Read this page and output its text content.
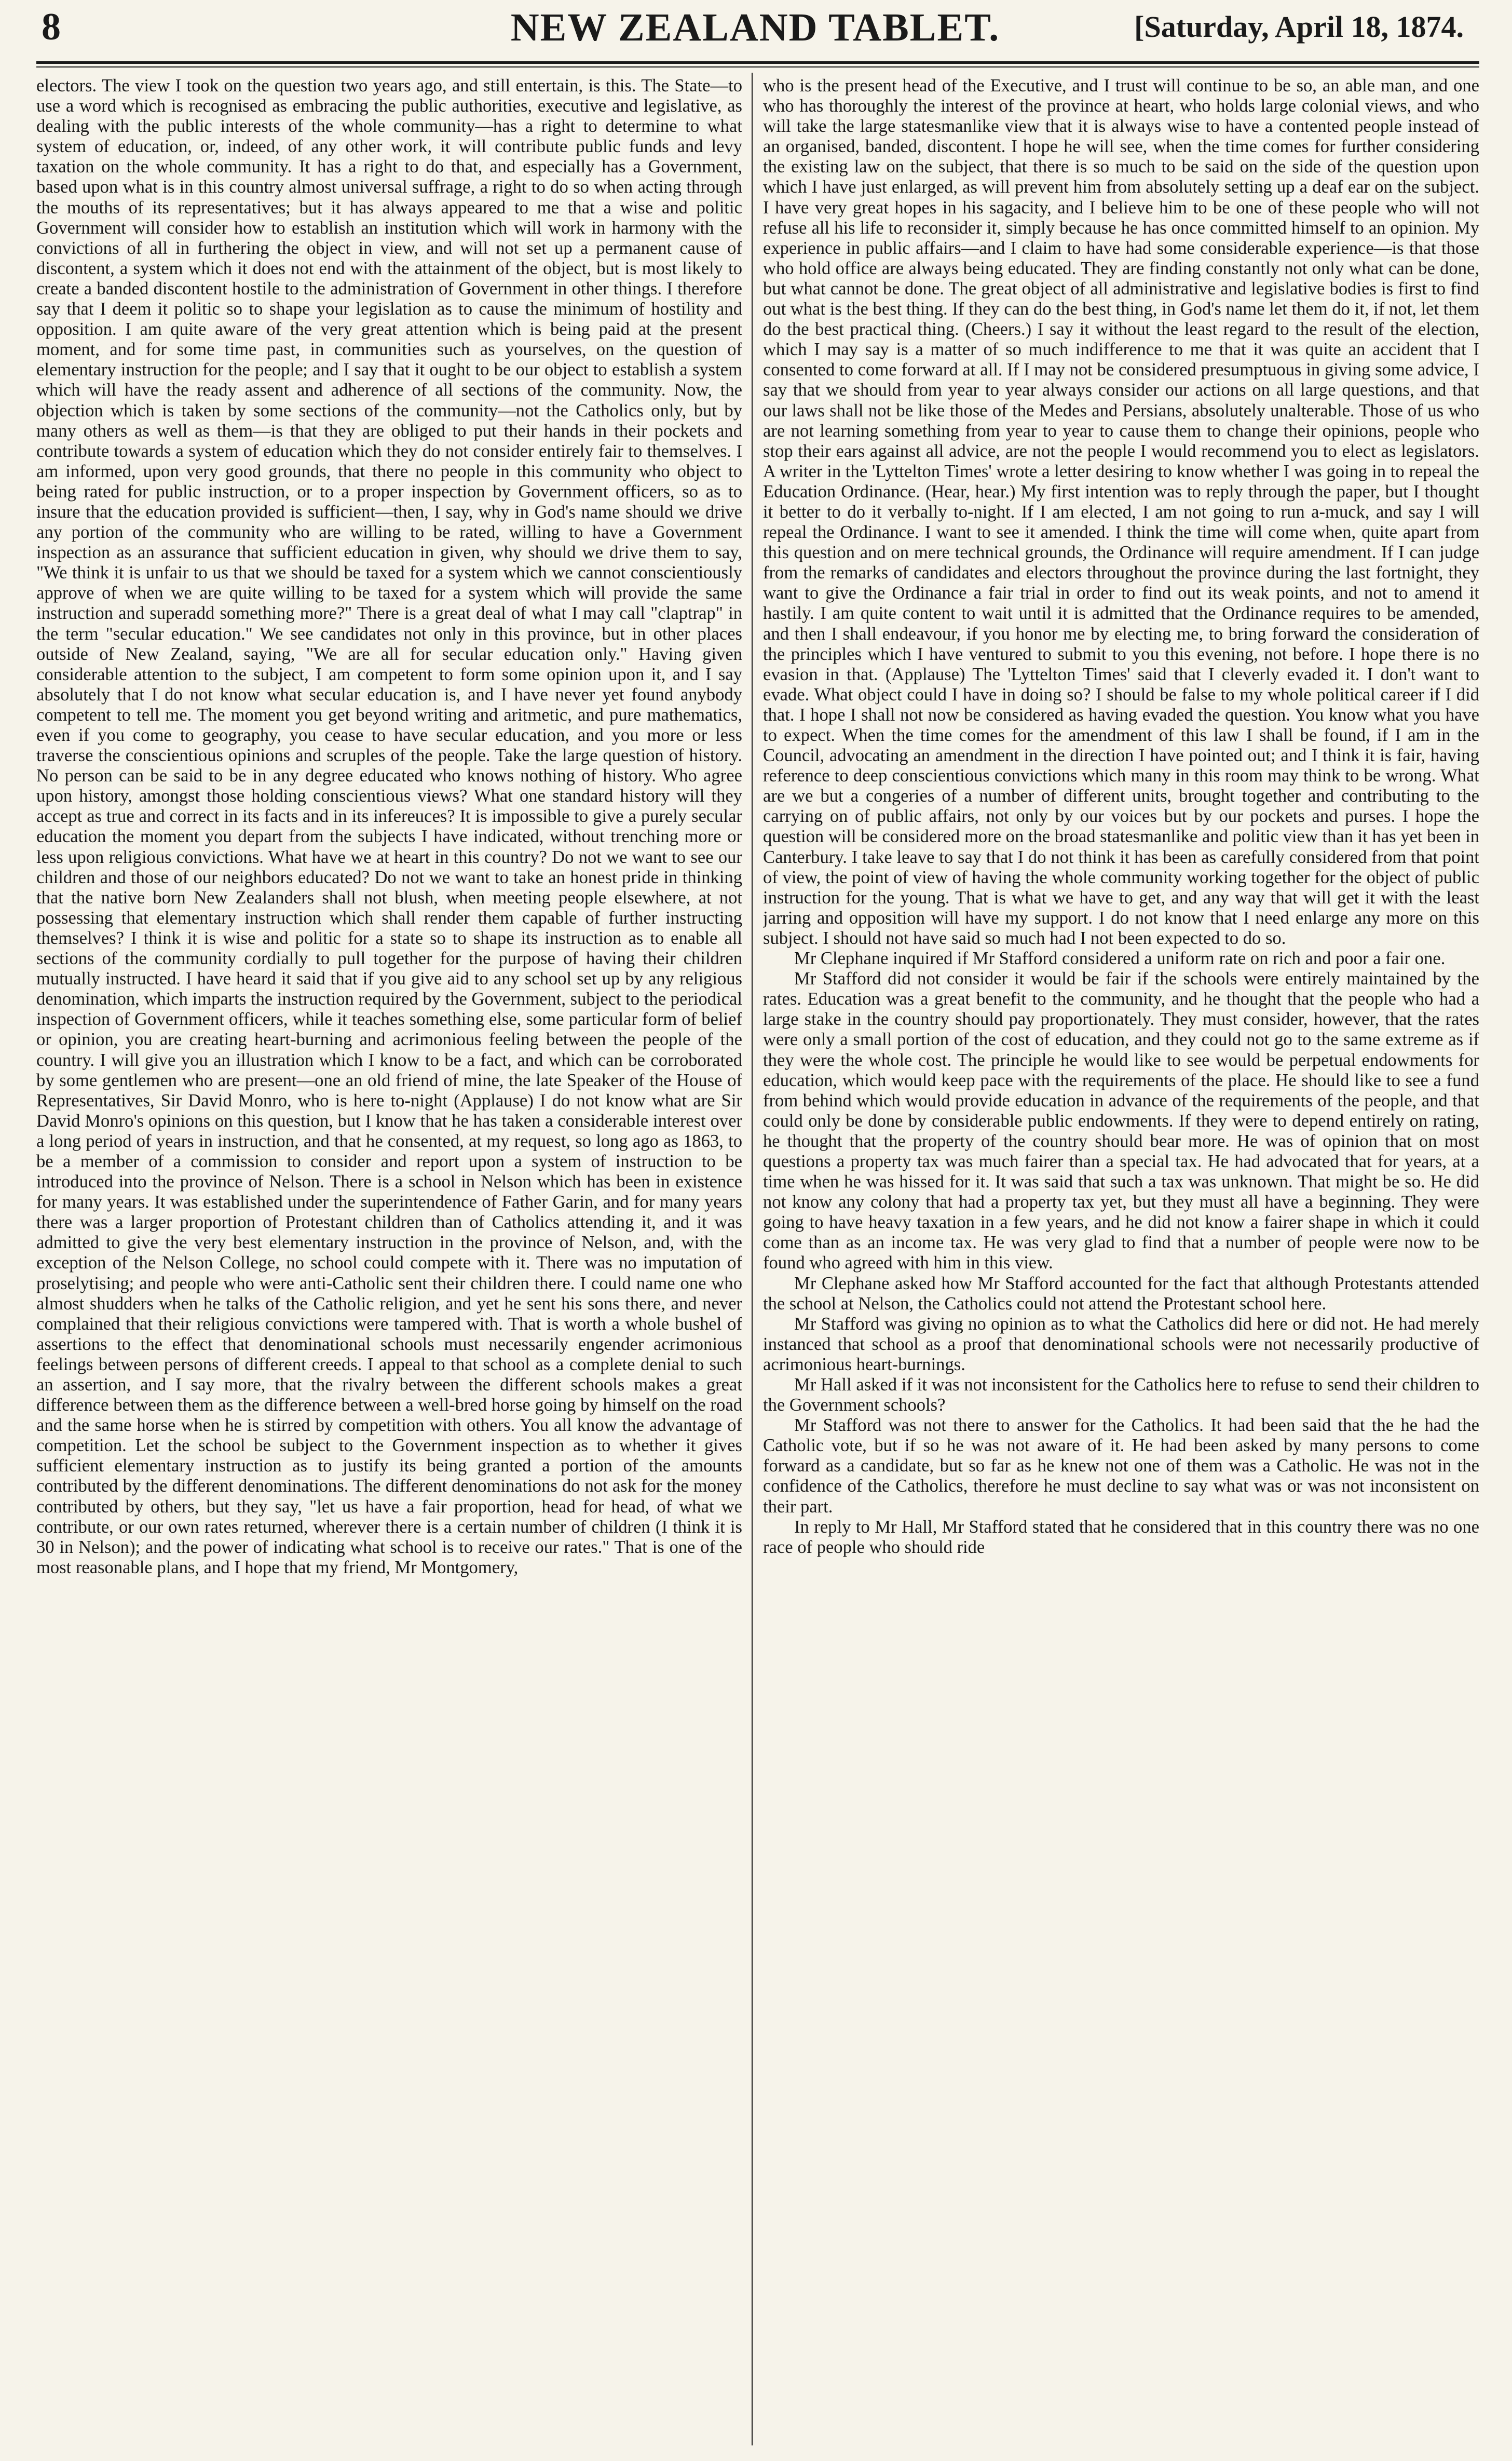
8	NEW ZEALAND TABLET.	[Saturday, April 18, 1874.

electors. The view I took on the question two years ago, and still entertain, is this. The State—to use a word which is recognised as embracing the public authorities, executive and legislative, as dealing with the public interests of the whole community—has a right to determine to what system of education, or, indeed, of any other work, it will contribute public funds and levy taxation on the whole community. It has a right to do that, and especially has a Government, based upon what is in this country almost universal suffrage, a right to do so when acting through the mouths of its representatives; but it has always appeared to me that a wise and politic Government will consider how to establish an institution which will work in harmony with the convictions of all in furthering the object in view, and will not set up a permanent cause of discontent, a system which it does not end with the attainment of the object, but is most likely to create a banded discontent hostile to the administration of Government in other things. I therefore say that I deem it politic so to shape your legislation as to cause the minimum of hostility and opposition. I am quite aware of the very great attention which is being paid at the present moment, and for some time past, in communities such as yourselves, on the question of elementary instruction for the people; and I say that it ought to be our object to establish a system which will have the ready assent and adherence of all sections of the community. Now, the objection which is taken by some sections of the community—not the Catholics only, but by many others as well as them—is that they are obliged to put their hands in their pockets and contribute towards a system of education which they do not consider entirely fair to themselves. I am informed, upon very good grounds, that there no people in this community who object to being rated for public instruction, or to a proper inspection by Government officers, so as to insure that the education provided is sufficient—then, I say, why in God's name should we drive any portion of the community who are willing to be rated, willing to have a Government inspection as an assurance that sufficient education in given, why should we drive them to say, "We think it is unfair to us that we should be taxed for a system which we cannot conscientiously approve of when we are quite willing to be taxed for a system which will provide the same instruction and superadd something more?" There is a great deal of what I may call "claptrap" in the term "secular education." We see candidates not only in this province, but in other places outside of New Zealand, saying, "We are all for secular education only." Having given considerable attention to the subject, I am competent to form some opinion upon it, and I say absolutely that I do not know what secular education is, and I have never yet found anybody competent to tell me. The moment you get beyond writing and aritmetic, and pure mathematics, even if you come to geography, you cease to have secular education, and you more or less traverse the conscientious opinions and scruples of the people. Take the large question of history. No person can be said to be in any degree educated who knows nothing of history. Who agree upon history, amongst those holding conscientious views? What one standard history will they accept as true and correct in its facts and in its infereuces? It is impossible to give a purely secular education the moment you depart from the subjects I have indicated, without trenching more or less upon religious convictions. What have we at heart in this country? Do not we want to see our children and those of our neighbors educated? Do not we want to take an honest pride in thinking that the native born New Zealanders shall not blush, when meeting people elsewhere, at not possessing that elementary instruction which shall render them capable of further instructing themselves? I think it is wise and politic for a state so to shape its instruction as to enable all sections of the community cordially to pull together for the purpose of having their children mutually instructed. I have heard it said that if you give aid to any school set up by any religious denomination, which imparts the instruction required by the Government, subject to the periodical inspection of Government officers, while it teaches something else, some particular form of belief or opinion, you are creating heart-burning and acrimonious feeling between the people of the country. I will give you an illustration which I know to be a fact, and which can be corroborated by some gentlemen who are present—one an old friend of mine, the late Speaker of the House of Representatives, Sir David Monro, who is here to-night (Applause) I do not know what are Sir David Monro's opinions on this question, but I know that he has taken a considerable interest over a long period of years in instruction, and that he consented, at my request, so long ago as 1863, to be a member of a commission to consider and report upon a system of instruction to be introduced into the province of Nelson. There is a school in Nelson which has been in existence for many years. It was established under the superintendence of Father Garin, and for many years there was a larger proportion of Protestant children than of Catholics attending it, and it was admitted to give the very best elementary instruction in the province of Nelson, and, with the exception of the Nelson College, no school could compete with it. There was no imputation of proselytising; and people who were anti-Catholic sent their children there. I could name one who almost shudders when he talks of the Catholic religion, and yet he sent his sons there, and never complained that their religious convictions were tampered with. That is worth a whole bushel of assertions to the effect that denominational schools must necessarily engender acrimonious feelings between persons of different creeds. I appeal to that school as a complete denial to such an assertion, and I say more, that the rivalry between the different schools makes a great difference between them as the difference between a well-bred horse going by himself on the road and the same horse when he is stirred by competition with others. You all know the advantage of competition. Let the school be subject to the Government inspection as to whether it gives sufficient elementary instruction as to justify its being granted a portion of the amounts contributed by the different denominations. The different denominations do not ask for the money contributed by others, but they say, "let us have a fair proportion, head for head, of what we contribute, or our own rates returned, wherever there is a certain number of children (I think it is 30 in Nelson); and the power of indicating what school is to receive our rates." That is one of the most reasonable plans, and I hope that my friend, Mr Montgomery,

who is the present head of the Executive, and I trust will continue to be so, an able man, and one who has thoroughly the interest of the province at heart, who holds large colonial views, and who will take the large statesmanlike view that it is always wise to have a contented people instead of an organised, banded, discontent. I hope he will see, when the time comes for further considering the existing law on the subject, that there is so much to be said on the side of the question upon which I have just enlarged, as will prevent him from absolutely setting up a deaf ear on the subject. I have very great hopes in his sagacity, and I believe him to be one of these people who will not refuse all his life to reconsider it, simply because he has once committed himself to an opinion. My experience in public affairs—and I claim to have had some considerable experience—is that those who hold office are always being educated. They are finding constantly not only what can be done, but what cannot be done. The great object of all administrative and legislative bodies is first to find out what is the best thing. If they can do the best thing, in God's name let them do it, if not, let them do the best practical thing. (Cheers.) I say it without the least regard to the result of the election, which I may say is a matter of so much indifference to me that it was quite an accident that I consented to come forward at all. If I may not be considered presumptuous in giving some advice, I say that we should from year to year always consider our actions on all large questions, and that our laws shall not be like those of the Medes and Persians, absolutely unalterable. Those of us who are not learning something from year to year to cause them to change their opinions, people who stop their ears against all advice, are not the people I would recommend you to elect as legislators. A writer in the 'Lyttelton Times' wrote a letter desiring to know whether I was going in to repeal the Education Ordinance. (Hear, hear.) My first intention was to reply through the paper, but I thought it better to do it verbally to-night. If I am elected, I am not going to run a-muck, and say I will repeal the Ordinance. I want to see it amended. I think the time will come when, quite apart from this question and on mere technical grounds, the Ordinance will require amendment. If I can judge from the remarks of candidates and electors throughout the province during the last fortnight, they want to give the Ordinance a fair trial in order to find out its weak points, and not to amend it hastily. I am quite content to wait until it is admitted that the Ordinance requires to be amended, and then I shall endeavour, if you honor me by electing me, to bring forward the consideration of the principles which I have ventured to submit to you this evening, not before. I hope there is no evasion in that. (Applause) The 'Lyttelton Times' said that I cleverly evaded it. I don't want to evade. What object could I have in doing so? I should be false to my whole political career if I did that. I hope I shall not now be considered as having evaded the question. You know what you have to expect. When the time comes for the amendment of this law I shall be found, if I am in the Council, advocating an amendment in the direction I have pointed out; and I think it is fair, having reference to deep conscientious convictions which many in this room may think to be wrong. What are we but a congeries of a number of different units, brought together and contributing to the carrying on of public affairs, not only by our voices but by our pockets and purses. I hope the question will be considered more on the broad statesmanlike and politic view than it has yet been in Canterbury. I take leave to say that I do not think it has been as carefully considered from that point of view, the point of view of having the whole community working together for the object of public instruction for the young. That is what we have to get, and any way that will get it with the least jarring and opposition will have my support. I do not know that I need enlarge any more on this subject. I should not have said so much had I not been expected to do so.

Mr Clephane inquired if Mr Stafford considered a uniform rate on rich and poor a fair one.

Mr Stafford did not consider it would be fair if the schools were entirely maintained by the rates. Education was a great benefit to the community, and he thought that the people who had a large stake in the country should pay proportionately. They must consider, however, that the rates were only a small portion of the cost of education, and they could not go to the same extreme as if they were the whole cost. The principle he would like to see would be perpetual endowments for education, which would keep pace with the requirements of the place. He should like to see a fund from behind which would provide education in advance of the requirements of the people, and that could only be done by considerable public endowments. If they were to depend entirely on rating, he thought that the property of the country should bear more. He was of opinion that on most questions a property tax was much fairer than a special tax. He had advocated that for years, at a time when he was hissed for it. It was said that such a tax was unknown. That might be so. He did not know any colony that had a property tax yet, but they must all have a beginning. They were going to have heavy taxation in a few years, and he did not know a fairer shape in which it could come than as an income tax. He was very glad to find that a number of people were now to be found who agreed with him in this view.

Mr Clephane asked how Mr Stafford accounted for the fact that although Protestants attended the school at Nelson, the Catholics could not attend the Protestant school here.

Mr Stafford was giving no opinion as to what the Catholics did here or did not. He had merely instanced that school as a proof that denominational schools were not necessarily productive of acrimonious heart-burnings.

Mr Hall asked if it was not inconsistent for the Catholics here to refuse to send their children to the Government schools?

Mr Stafford was not there to answer for the Catholics. It had been said that the he had the Catholic vote, but if so he was not aware of it. He had been asked by many persons to come forward as a candidate, but so far as he knew not one of them was a Catholic. He was not in the confidence of the Catholics, therefore he must decline to say what was or was not inconsistent on their part.

In reply to Mr Hall, Mr Stafford stated that he considered that in this country there was no one race of people who should ride
